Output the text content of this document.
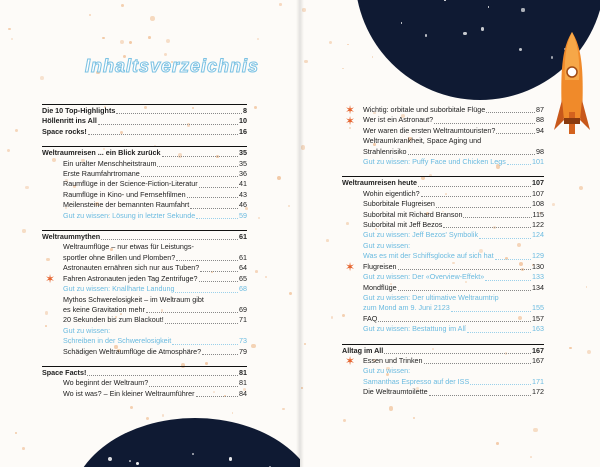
Inhaltsverzeichnis
Die 10 Top-Highlights	8
Höllenritt ins All	10
Space rocks!	16
Weltraumreisen ... ein Blick zurück	35
Ein uralter Menschheitstraum	35
Erste Raumfahrtromane	36
Raumflüge in der Science-Fiction-Literatur	41
Raumflüge in Kino- und Fernsehfilmen	43
Meilensteine der bemannten Raumfahrt	46
Gut zu wissen: Lösung in letzter Sekunde	59
Weltraummythen	61
Weltraumflüge – nur etwas für Leistungs-
sportler ohne Brillen und Plomben?	61
Astronauten ernähren sich nur aus Tuben?	64
✶ Fahren Astronauten jeden Tag Zentrifuge?	65
Gut zu wissen: Knallharte Landung	68
Mythos Schwerelosigkeit – im Weltraum gibt
es keine Gravitation mehr	69
20 Sekunden bis zum Blackout!	71
Gut zu wissen:
Schreiben in der Schwerelosigkeit	73
Schädigen Weltraumflüge die Atmosphäre?	79
Space Facts!	81
Wo beginnt der Weltraum?	81
Wo ist was? – Ein kleiner Weltraumführer	84
✶ Wichtig: orbitale und suborbitale Flüge	87
✶ Wer ist ein Astronaut?	88
Wer waren die ersten Weltraumtouristen?	94
Weltraumkrankheit, Space Aging und
Strahlenrisiko	98
Gut zu wissen: Puffy Face und Chicken Legs	101
Weltraumreisen heute	107
Wohin eigentlich?	107
Suborbitale Flugreisen	108
Suborbital mit Richard Branson	115
Suborbital mit Jeff Bezos	122
Gut zu wissen: Jeff Bezos' Symbolik	124
Gut zu wissen:
Was es mit der Schiffsglocke auf sich hat	129
✶ Flugreisen	130
Gut zu wissen: Der «Overview-Effekt»	133
Mondflüge	134
Gut zu wissen: Der ultimative Weltraumtrip
zum Mond am 9. Juni 2123	155
FAQ	157
Gut zu wissen: Bestattung im All	163
Alltag im All	167
✶ Essen und Trinken	167
Gut zu wissen:
Samanthas Espresso auf der ISS	171
Die Weltraumtoilette	172
